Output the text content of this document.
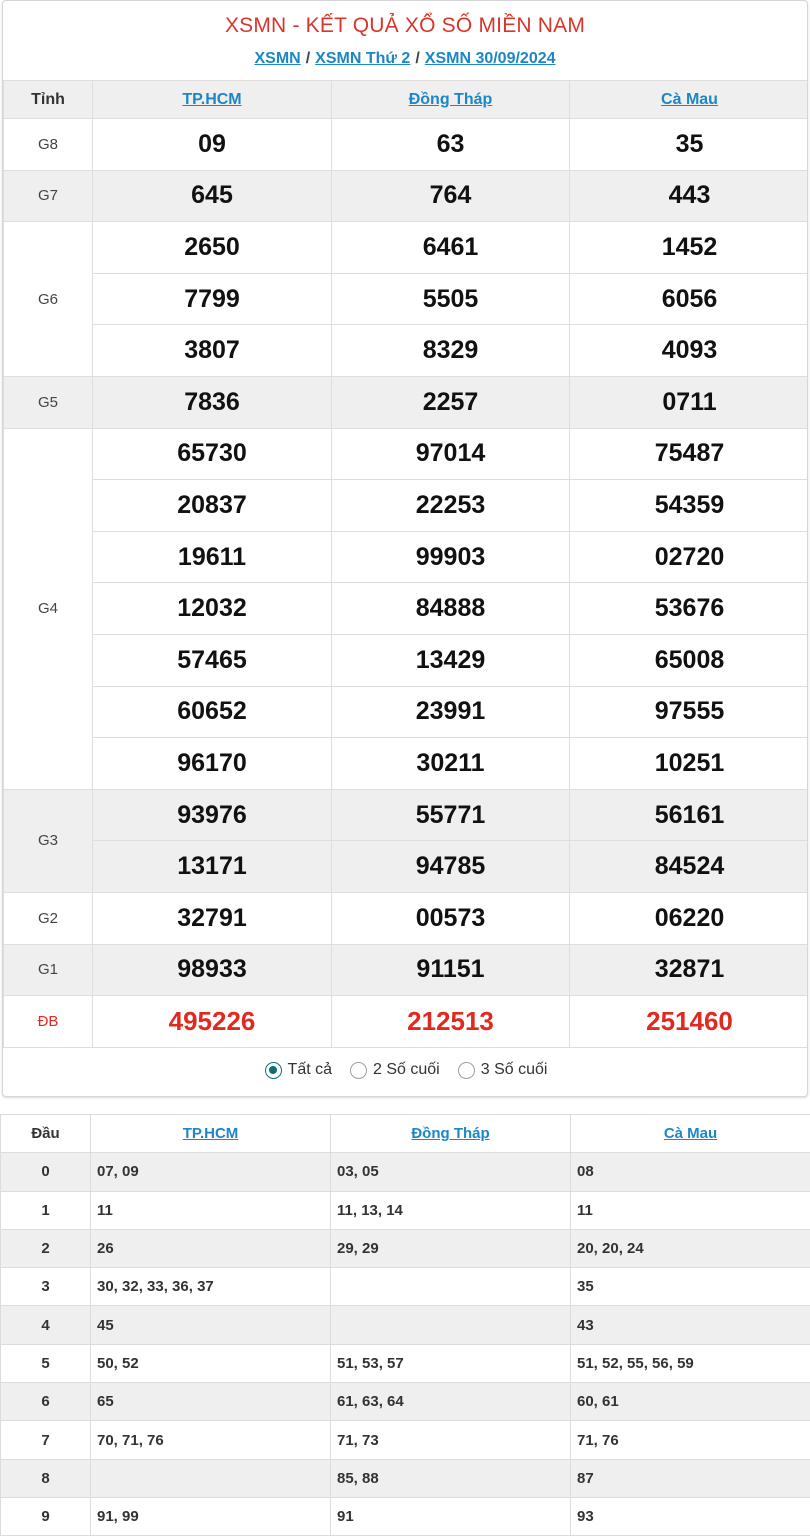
XSMN - KẾT QUẢ XỔ SỐ MIỀN NAM
XSMN / XSMN Thứ 2 / XSMN 30/09/2024
Tỉnh	TP.HCM	Đồng Tháp	Cà Mau
G8	09	63	35
G7	645	764	443
G6	2650	6461	1452
	7799	5505	6056
	3807	8329	4093
G5	7836	2257	0711
G4	65730	97014	75487
	20837	22253	54359
	19611	99903	02720
	12032	84888	53676
	57465	13429	65008
	60652	23991	97555
	96170	30211	10251
G3	93976	55771	56161
	13171	94785	84524
G2	32791	00573	06220
G1	98933	91151	32871
ĐB	495226	212513	251460
Tất cả	2 Số cuối	3 Số cuối
Đầu	TP.HCM	Đồng Tháp	Cà Mau
0	07, 09	03, 05	08
1	11	11, 13, 14	11
2	26	29, 29	20, 20, 24
3	30, 32, 33, 36, 37		35
4	45		43
5	50, 52	51, 53, 57	51, 52, 55, 56, 59
6	65	61, 63, 64	60, 61
7	70, 71, 76	71, 73	71, 76
8		85, 88	87
9	91, 99	91	93
